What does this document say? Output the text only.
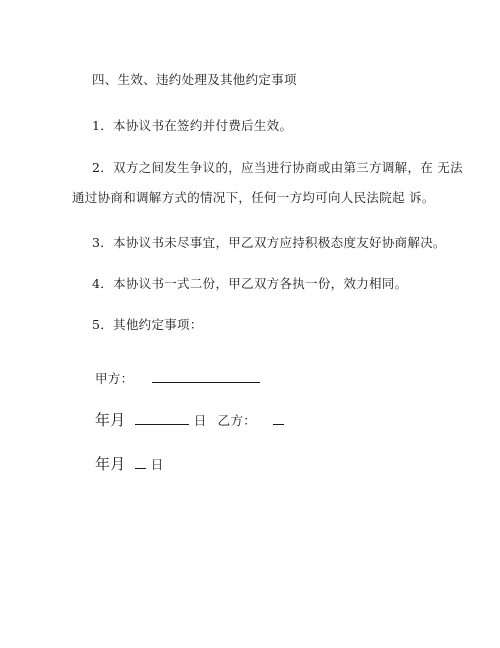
四、生效、违约处理及其他约定事项
1．本协议书在签约并付费后生效。
2．双方之间发生争议的，应当进行协商或由第三方调解，在 无法
通过协商和调解方式的情况下，任何一方均可向人民法院起 诉。
3．本协议书未尽事宜，甲乙双方应持积极态度友好协商解决。
4．本协议书一式二份，甲乙双方各执一份，效力相同。
5．其他约定事项：
甲方：
年月	日 乙方：
年月 日
